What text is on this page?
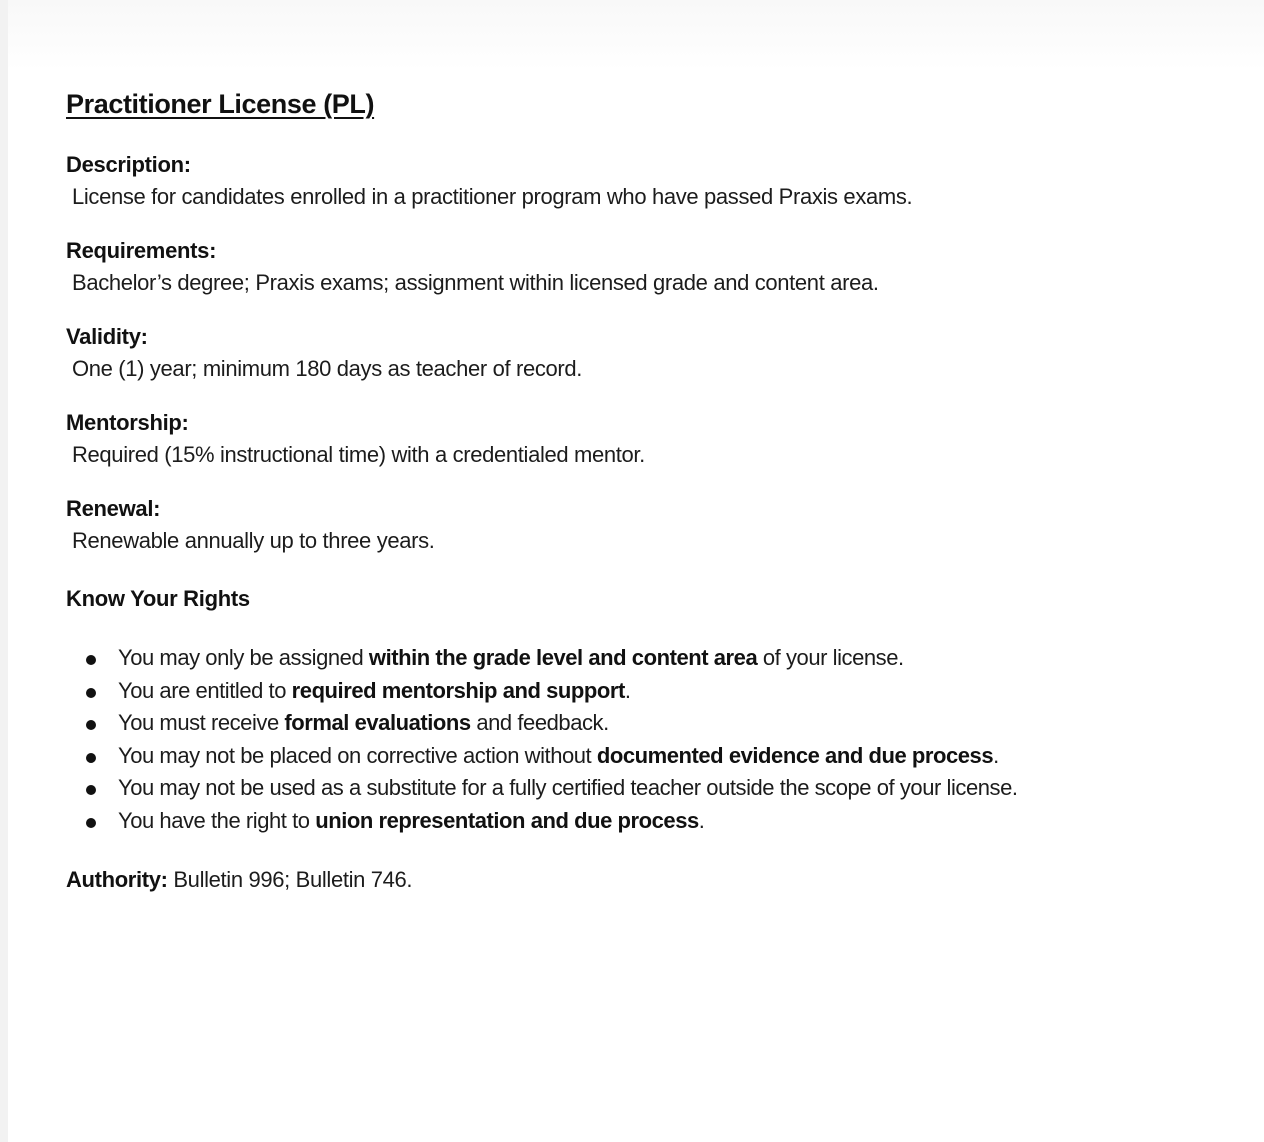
Practitioner License (PL)
Description:
License for candidates enrolled in a practitioner program who have passed Praxis exams.
Requirements:
Bachelor’s degree; Praxis exams; assignment within licensed grade and content area.
Validity:
One (1) year; minimum 180 days as teacher of record.
Mentorship:
Required (15% instructional time) with a credentialed mentor.
Renewal:
Renewable annually up to three years.
Know Your Rights
You may only be assigned within the grade level and content area of your license.
You are entitled to required mentorship and support.
You must receive formal evaluations and feedback.
You may not be placed on corrective action without documented evidence and due process.
You may not be used as a substitute for a fully certified teacher outside the scope of your license.
You have the right to union representation and due process.
Authority: Bulletin 996; Bulletin 746.
